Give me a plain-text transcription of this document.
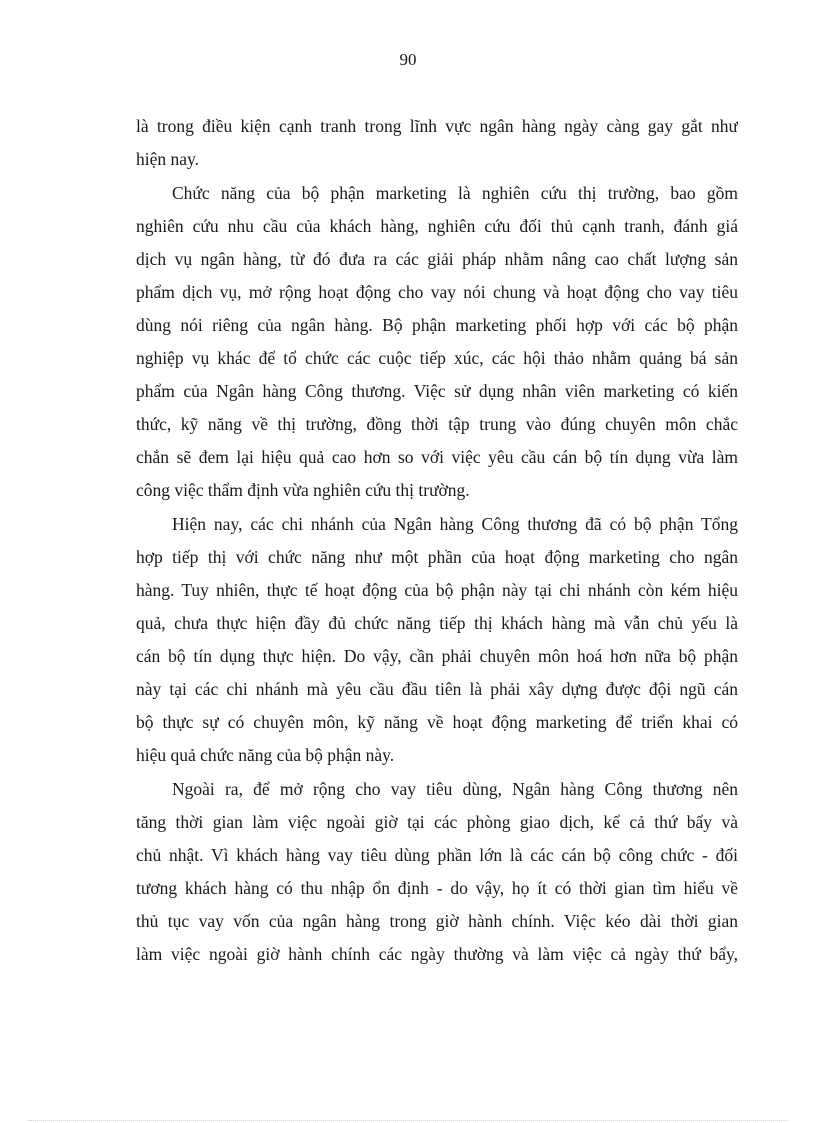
90
là trong điều kiện cạnh tranh trong lĩnh vực ngân hàng ngày càng gay gắt như
hiện nay.
Chức năng của bộ phận marketing là nghiên cứu thị trường, bao gồm
nghiên cứu nhu cầu của khách hàng, nghiên cứu đối thủ cạnh tranh, đánh giá
dịch vụ ngân hàng, từ đó đưa ra các giải pháp nhằm nâng cao chất lượng sản
phẩm dịch vụ, mở rộng hoạt động cho vay nói chung và hoạt động cho vay tiêu
dùng nói riêng của ngân hàng. Bộ phận marketing phối hợp với các bộ phận
nghiệp vụ khác để tổ chức các cuộc tiếp xúc, các hội thảo nhằm quảng bá sản
phẩm của Ngân hàng Công thương. Việc sử dụng nhân viên marketing có kiến
thức, kỹ năng về thị trường, đồng thời tập trung vào đúng chuyên môn chắc
chắn sẽ đem lại hiệu quả cao hơn so với việc yêu cầu cán bộ tín dụng vừa làm
công việc thẩm định vừa nghiên cứu thị trường.
Hiện nay, các chi nhánh của Ngân hàng Công thương đã có bộ phận Tổng
hợp tiếp thị với chức năng như một phần của hoạt động marketing cho ngân
hàng. Tuy nhiên, thực tế hoạt động của bộ phận này tại chi nhánh còn kém hiệu
quả, chưa thực hiện đầy đủ chức năng tiếp thị khách hàng mà vẫn chủ yếu là
cán bộ tín dụng thực hiện. Do vậy, cần phải chuyên môn hoá hơn nữa bộ phận
này tại các chi nhánh mà yêu cầu đầu tiên là phải xây dựng được đội ngũ cán
bộ thực sự có chuyên môn, kỹ năng về hoạt động marketing để triển khai có
hiệu quả chức năng của bộ phận này.
Ngoài ra, để mở rộng cho vay tiêu dùng, Ngân hàng Công thương nên
tăng thời gian làm việc ngoài giờ tại các phòng giao dịch, kể cả thứ bẩy và
chủ nhật. Vì khách hàng vay tiêu dùng phần lớn là các cán bộ công chức - đối
tương khách hàng có thu nhập ổn định - do vậy, họ ít có thời gian tìm hiểu về
thủ tục vay vốn của ngân hàng trong giờ hành chính. Việc kéo dài thời gian
làm việc ngoài giờ hành chính các ngày thường và làm việc cả ngày thứ bẩy,
